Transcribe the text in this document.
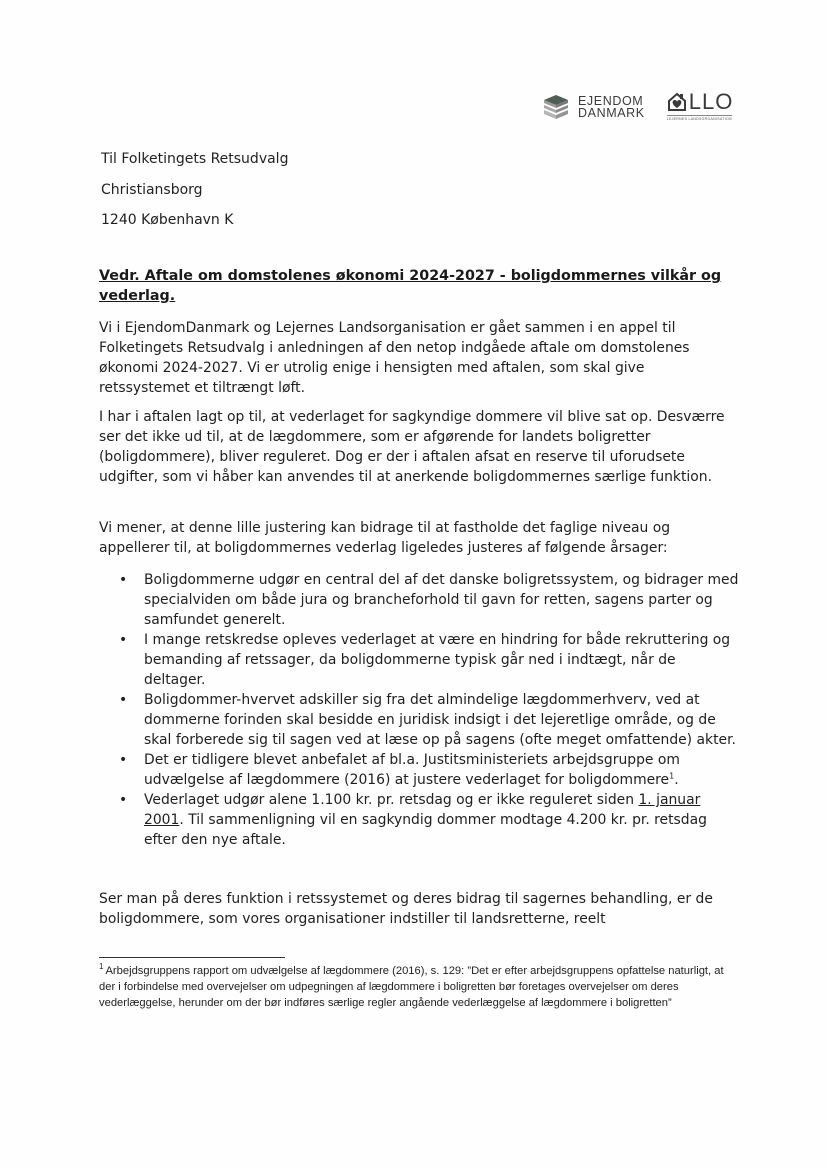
EJENDOM
DANMARK LLO
LEJERNES LANDSORGANISATION
Til Folketingets Retsudvalg
Christiansborg
1240 København K
Vedr. Aftale om domstolenes økonomi 2024-2027 - boligdommernes vilkår og vederlag.
Vi i EjendomDanmark og Lejernes Landsorganisation er gået sammen i en appel til Folketingets Retsudvalg i anledningen af den netop indgåede aftale om domstolenes økonomi 2024-2027. Vi er utrolig enige i hensigten med aftalen, som skal give retssystemet et tiltrængt løft.
I har i aftalen lagt op til, at vederlaget for sagkyndige dommere vil blive sat op. Desværre ser det ikke ud til, at de lægdommere, som er afgørende for landets boligretter (boligdommere), bliver reguleret. Dog er der i aftalen afsat en reserve til uforudsete udgifter, som vi håber kan anvendes til at anerkende boligdommernes særlige funktion.
Vi mener, at denne lille justering kan bidrage til at fastholde det faglige niveau og appellerer til, at boligdommernes vederlag ligeledes justeres af følgende årsager:
• Boligdommerne udgør en central del af det danske boligretssystem, og bidrager med specialviden om både jura og brancheforhold til gavn for retten, sagens parter og samfundet generelt.
• I mange retskredse opleves vederlaget at være en hindring for både rekruttering og bemanding af retssager, da boligdommerne typisk går ned i indtægt, når de deltager.
• Boligdommer-hvervet adskiller sig fra det almindelige lægdommerhverv, ved at dommerne forinden skal besidde en juridisk indsigt i det lejeretlige område, og de skal forberede sig til sagen ved at læse op på sagens (ofte meget omfattende) akter.
• Det er tidligere blevet anbefalet af bl.a. Justitsministeriets arbejdsgruppe om udvælgelse af lægdommere (2016) at justere vederlaget for boligdommere$^1$.
• Vederlaget udgør alene 1.100 kr. pr. retsdag og er ikke reguleret siden 1. januar 2001. Til sammenligning vil en sagkyndig dommer modtage 4.200 kr. pr. retsdag efter den nye aftale.
Ser man på deres funktion i retssystemet og deres bidrag til sagernes behandling, er de boligdommere, som vores organisationer indstiller til landsretterne, reelt
$^1$ Arbejdsgruppens rapport om udvælgelse af lægdommere (2016), s. 129: ”Det er efter arbejdsgruppens opfattelse naturligt, at der i forbindelse med overvejelser om udpegningen af lægdommere i boligretten bør foretages overvejelser om deres vederlæggelse, herunder om der bør indføres særlige regler angående vederlæggelse af lægdommere i boligretten”
